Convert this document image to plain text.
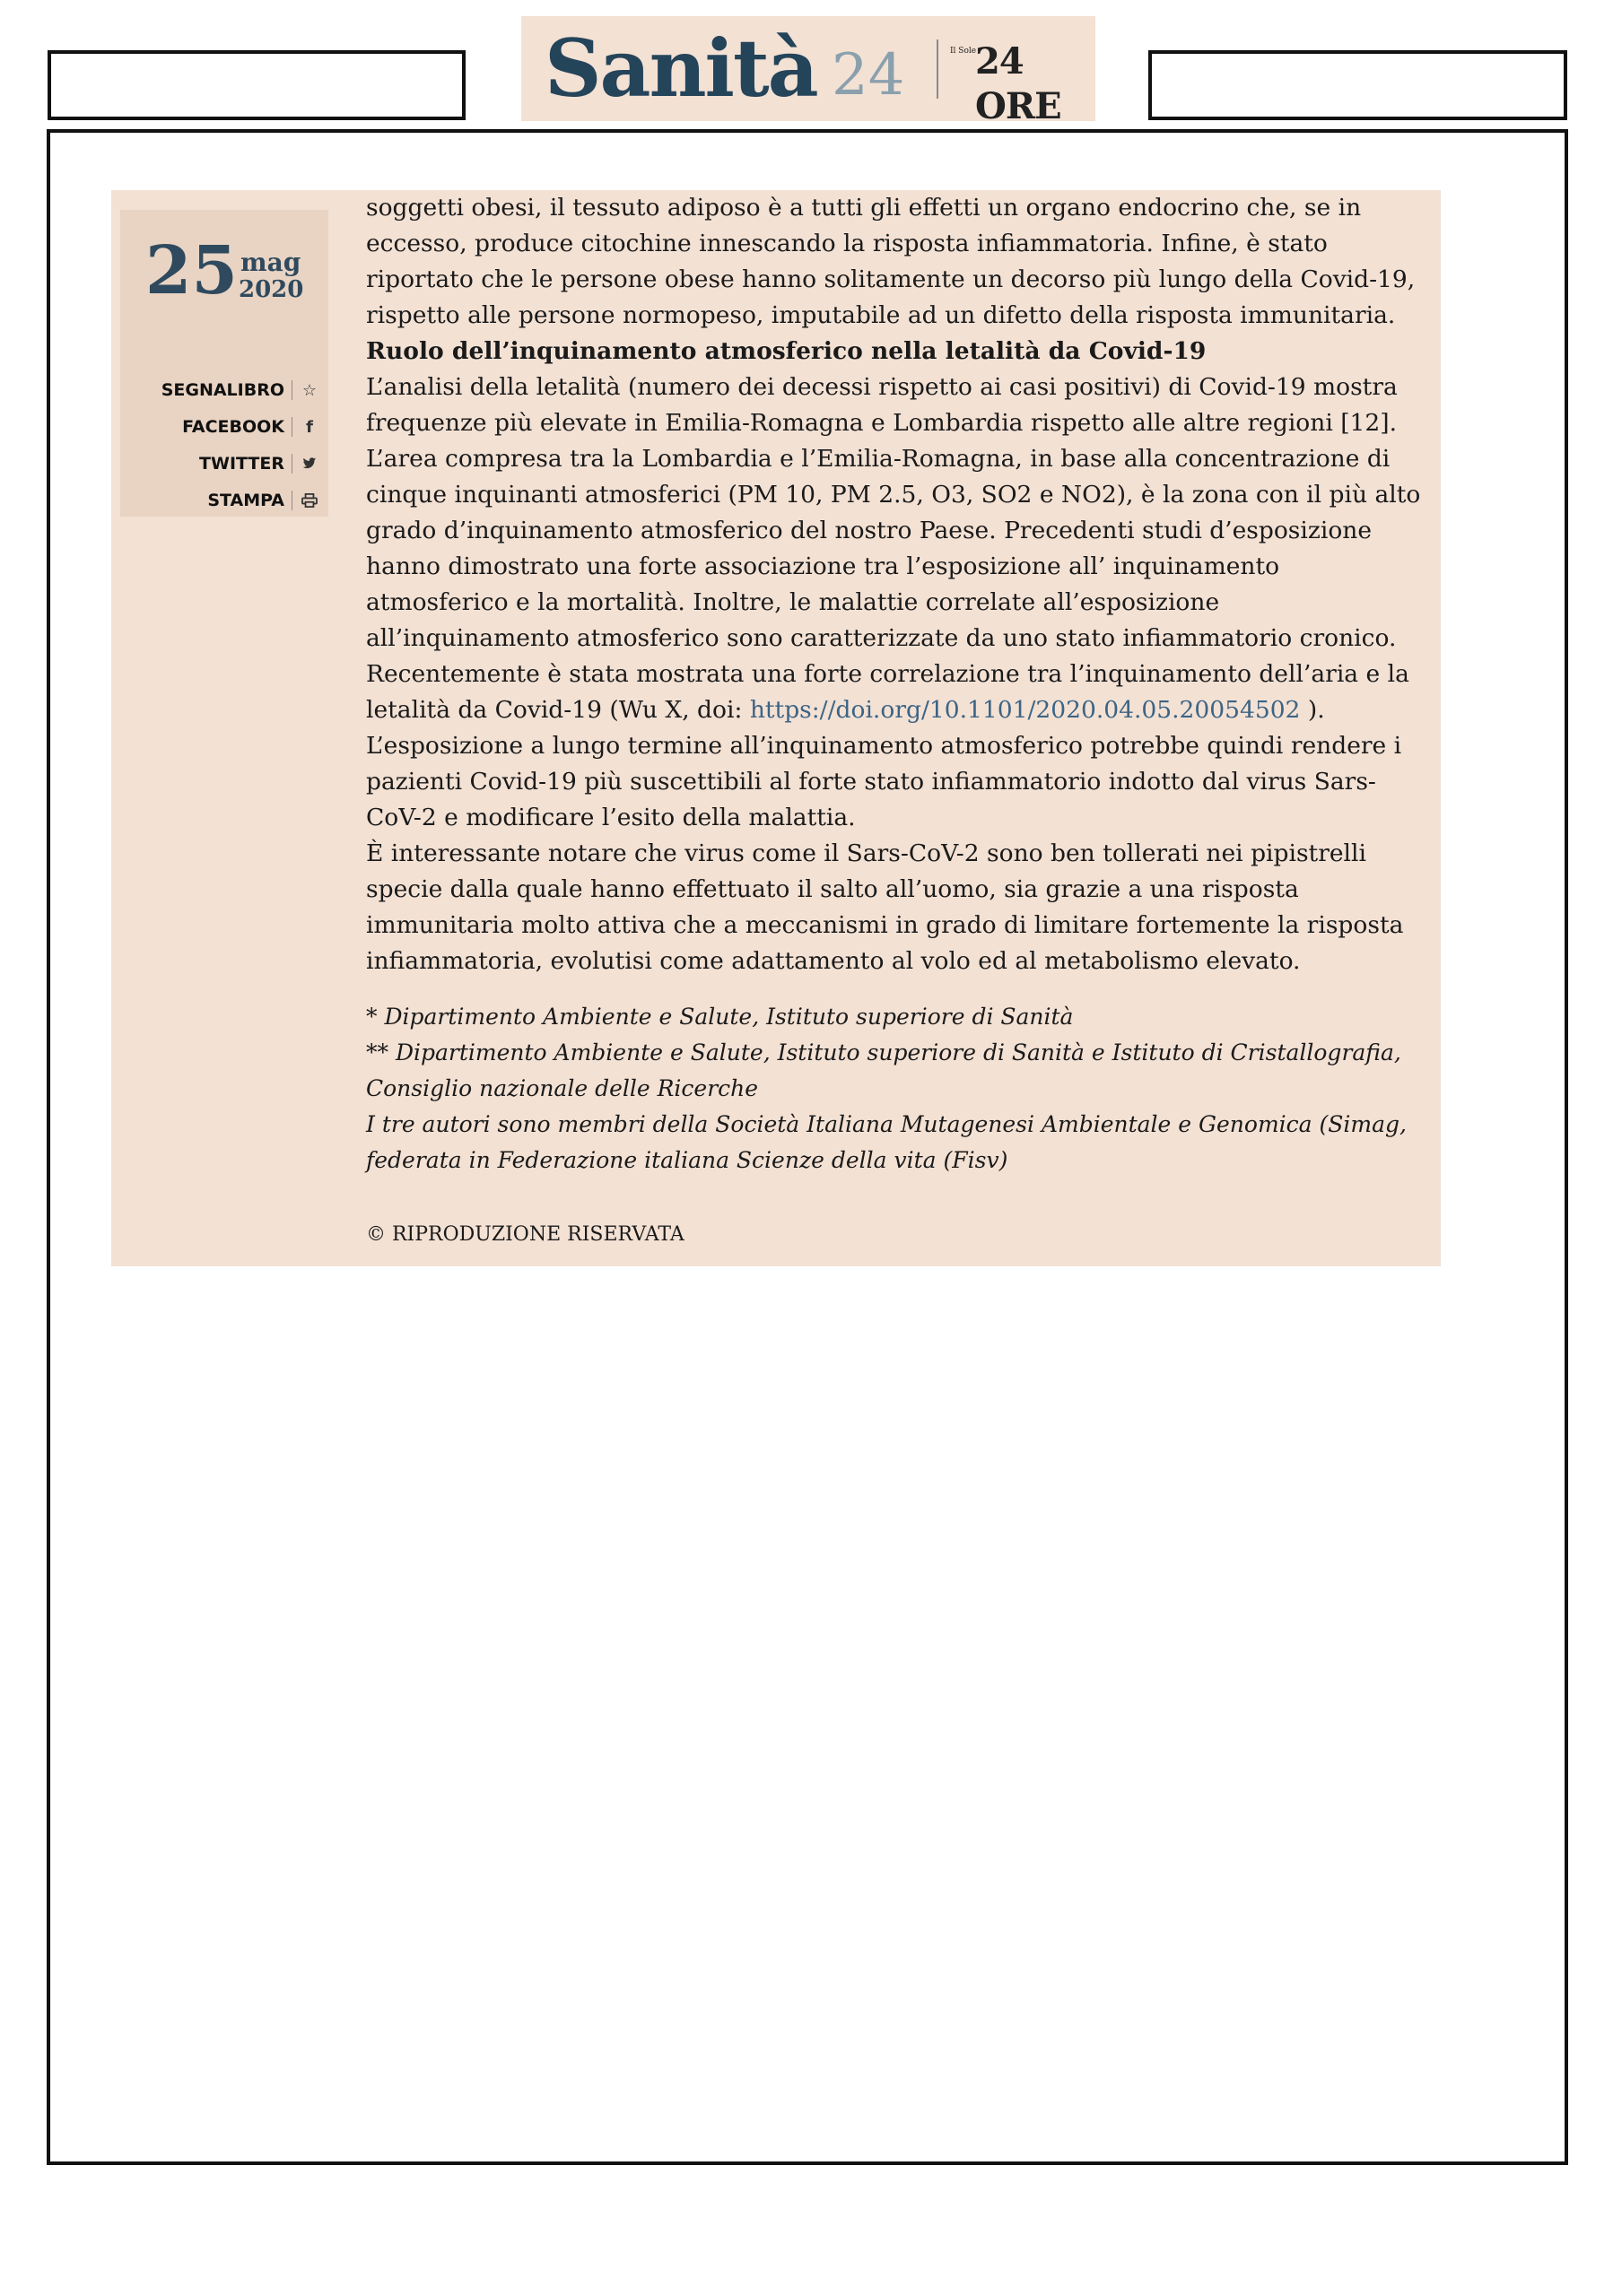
Sanità 24	Il Sole
24 ORE
25 mag
2020
SEGNALIBRO ☆
FACEBOOK f
TWITTER
STAMPA

soggetti obesi, il tessuto adiposo è a tutti gli effetti un organo endocrino che, se in eccesso, produce citochine innescando la risposta infiammatoria. Infine, è stato riportato che le persone obese hanno solitamente un decorso più lungo della Covid-19, rispetto alle persone normopeso, imputabile ad un difetto della risposta immunitaria.

Ruolo dell’inquinamento atmosferico nella letalità da Covid-19

L’analisi della letalità (numero dei decessi rispetto ai casi positivi) di Covid-19 mostra frequenze più elevate in Emilia-Romagna e Lombardia rispetto alle altre regioni [12].

L’area compresa tra la Lombardia e l’Emilia-Romagna, in base alla concentrazione di cinque inquinanti atmosferici (PM 10, PM 2.5, O3, SO2 e NO2), è la zona con il più alto grado d’inquinamento atmosferico del nostro Paese. Precedenti studi d’esposizione hanno dimostrato una forte associazione tra l’esposizione all’ inquinamento atmosferico e la mortalità. Inoltre, le malattie correlate all’esposizione all’inquinamento atmosferico sono caratterizzate da uno stato infiammatorio cronico. Recentemente è stata mostrata una forte correlazione tra l’inquinamento dell’aria e la letalità da Covid-19 (Wu X, doi: https://doi.org/10.1101/2020.04.05.20054502 ).

L’esposizione a lungo termine all’inquinamento atmosferico potrebbe quindi rendere i pazienti Covid-19 più suscettibili al forte stato infiammatorio indotto dal virus Sars-CoV-2 e modificare l’esito della malattia.

È interessante notare che virus come il Sars-CoV-2 sono ben tollerati nei pipistrelli specie dalla quale hanno effettuato il salto all’uomo, sia grazie a una risposta immunitaria molto attiva che a meccanismi in grado di limitare fortemente la risposta infiammatoria, evolutisi come adattamento al volo ed al metabolismo elevato.

* Dipartimento Ambiente e Salute, Istituto superiore di Sanità

** Dipartimento Ambiente e Salute, Istituto superiore di Sanità e Istituto di Cristallografia, Consiglio nazionale delle Ricerche

I tre autori sono membri della Società Italiana Mutagenesi Ambientale e Genomica (Simag, federata in Federazione italiana Scienze della vita (Fisv)

© RIPRODUZIONE RISERVATA
